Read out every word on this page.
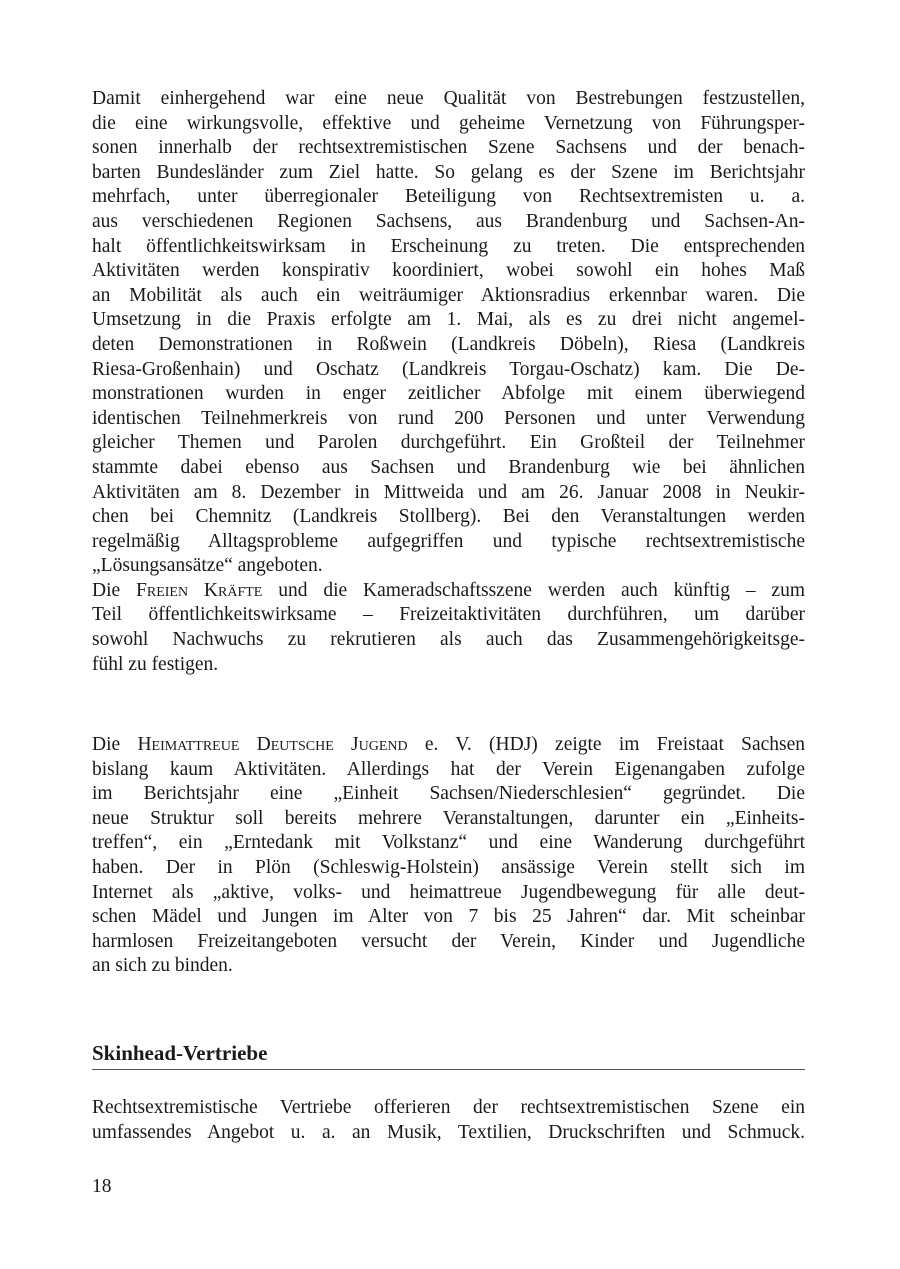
Damit einhergehend war eine neue Qualität von Bestrebungen festzustellen,
die eine wirkungsvolle, effektive und geheime Vernetzung von Führungsper-
sonen innerhalb der rechtsextremistischen Szene Sachsens und der benach-
barten Bundesländer zum Ziel hatte. So gelang es der Szene im Berichtsjahr
mehrfach, unter überregionaler Beteiligung von Rechtsextremisten u. a.
aus verschiedenen Regionen Sachsens, aus Brandenburg und Sachsen-An-
halt öffentlichkeitswirksam in Erscheinung zu treten. Die entsprechenden
Aktivitäten werden konspirativ koordiniert, wobei sowohl ein hohes Maß
an Mobilität als auch ein weiträumiger Aktionsradius erkennbar waren. Die
Umsetzung in die Praxis erfolgte am 1. Mai, als es zu drei nicht angemel-
deten Demonstrationen in Roßwein (Landkreis Döbeln), Riesa (Landkreis
Riesa-Großenhain) und Oschatz (Landkreis Torgau-Oschatz) kam. Die De-
monstrationen wurden in enger zeitlicher Abfolge mit einem überwiegend
identischen Teilnehmerkreis von rund 200 Personen und unter Verwendung
gleicher Themen und Parolen durchgeführt. Ein Großteil der Teilnehmer
stammte dabei ebenso aus Sachsen und Brandenburg wie bei ähnlichen
Aktivitäten am 8. Dezember in Mittweida und am 26. Januar 2008 in Neukir-
chen bei Chemnitz (Landkreis Stollberg). Bei den Veranstaltungen werden
regelmäßig Alltagsprobleme aufgegriffen und typische rechtsextremistische
„Lösungsansätze“ angeboten.
Die Freien Kräfte und die Kameradschaftsszene werden auch künftig – zum
Teil öffentlichkeitswirksame – Freizeitaktivitäten durchführen, um darüber
sowohl Nachwuchs zu rekrutieren als auch das Zusammengehörigkeitsge-
fühl zu festigen.
Die Heimattreue Deutsche Jugend e. V. (HDJ) zeigte im Freistaat Sachsen
bislang kaum Aktivitäten. Allerdings hat der Verein Eigenangaben zufolge
im Berichtsjahr eine „Einheit Sachsen/Niederschlesien“ gegründet. Die
neue Struktur soll bereits mehrere Veranstaltungen, darunter ein „Einheits-
treffen“, ein „Erntedank mit Volkstanz“ und eine Wanderung durchgeführt
haben. Der in Plön (Schleswig-Holstein) ansässige Verein stellt sich im
Internet als „aktive, volks- und heimattreue Jugendbewegung für alle deut-
schen Mädel und Jungen im Alter von 7 bis 25 Jahren“ dar. Mit scheinbar
harmlosen Freizeitangeboten versucht der Verein, Kinder und Jugendliche
an sich zu binden.
Skinhead-Vertriebe
Rechtsextremistische Vertriebe offerieren der rechtsextremistischen Szene ein
umfassendes Angebot u. a. an Musik, Textilien, Druckschriften und Schmuck.
18
